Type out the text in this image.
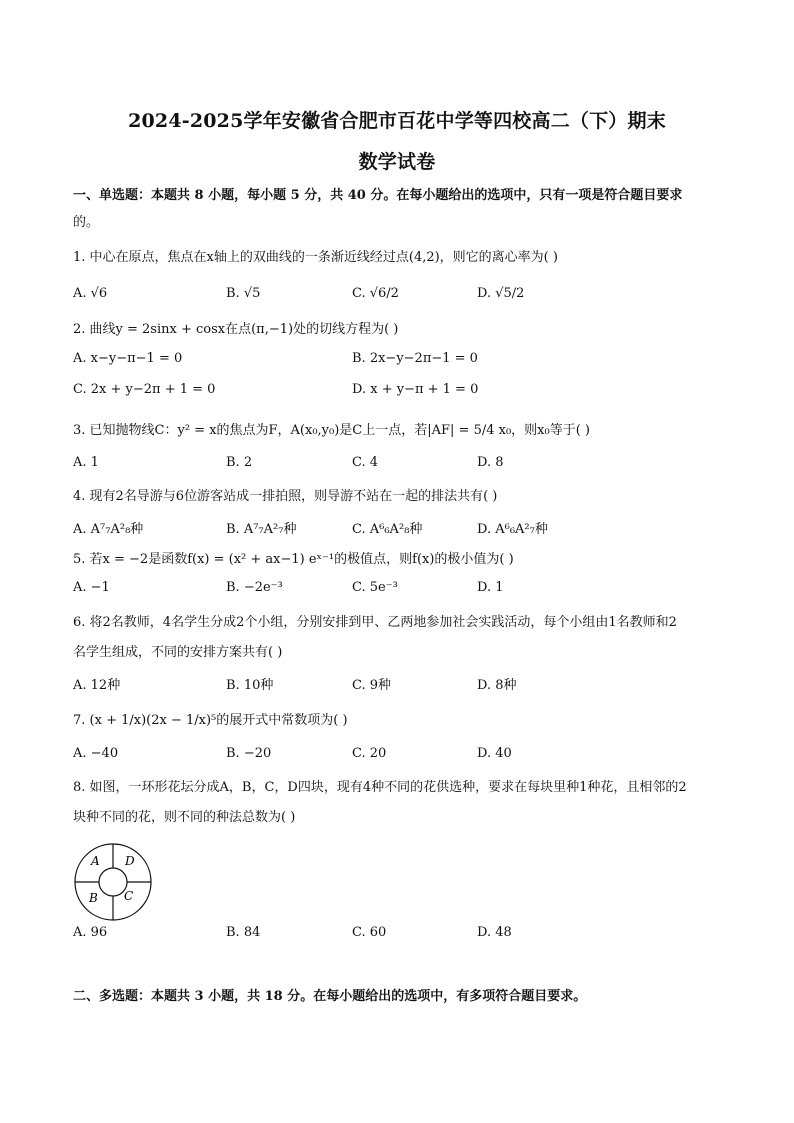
2024-2025学年安徽省合肥市百花中学等四校高二（下）期末
数学试卷
一、单选题：本题共 8 小题，每小题 5 分，共 40 分。在每小题给出的选项中，只有一项是符合题目要求
的。
1. 中心在原点，焦点在x轴上的双曲线的一条渐近线经过点(4,2)，则它的离心率为( )
A. √6	B. √5	C. √6/2	D. √5/2
2. 曲线y = 2sinx + cosx在点(π,−1)处的切线方程为( )
A. x−y−π−1 = 0	B. 2x−y−2π−1 = 0
C. 2x + y−2π + 1 = 0	D. x + y−π + 1 = 0
3. 已知抛物线C：y² = x的焦点为F，A(x₀,y₀)是C上一点，若|AF| = 5/4 x₀，则x₀等于( )
A. 1	B. 2	C. 4	D. 8
4. 现有2名导游与6位游客站成一排拍照，则导游不站在一起的排法共有( )
A. A⁷₇A²₈种	B. A⁷₇A²₇种	C. A⁶₆A²₈种	D. A⁶₆A²₇种
5. 若x = −2是函数f(x) = (x² + ax−1) eˣ⁻¹的极值点，则f(x)的极小值为( )
A. −1	B. −2e⁻³	C. 5e⁻³	D. 1
6. 将2名教师，4名学生分成2个小组，分别安排到甲、乙两地参加社会实践活动，每个小组由1名教师和2
名学生组成，不同的安排方案共有( )
A. 12种	B. 10种	C. 9种	D. 8种
7. (x + 1/x)(2x − 1/x)⁵的展开式中常数项为( )
A. −40	B. −20	C. 20	D. 40
8. 如图，一环形花坛分成A，B，C，D四块，现有4种不同的花供选种，要求在每块里种1种花，且相邻的2
块种不同的花，则不同的种法总数为( )
A D
B C
A. 96	B. 84	C. 60	D. 48
二、多选题：本题共 3 小题，共 18 分。在每小题给出的选项中，有多项符合题目要求。
